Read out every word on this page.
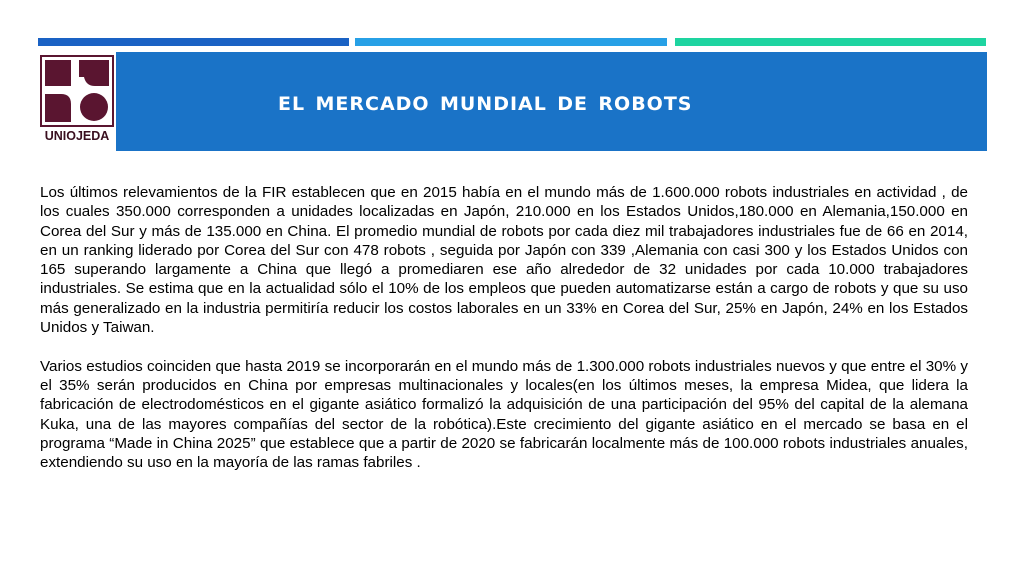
UNIOJEDA
el mercado mundial de robots

Los últimos relevamientos de la FIR establecen que en 2015 había en el mundo más de 1.600.000 robots industriales en actividad , de los cuales 350.000 corresponden a unidades localizadas en Japón, 210.000 en los Estados Unidos,180.000 en Alemania,150.000 en Corea del Sur y más de 135.000 en China. El promedio mundial de robots por cada diez mil trabajadores industriales fue de 66 en 2014, en un ranking liderado por Corea del Sur con 478 robots , seguida por Japón con 339 ,Alemania con casi 300 y los Estados Unidos con 165 superando largamente a China que llegó a promediaren ese año alrededor de 32 unidades por cada 10.000 trabajadores industriales. Se estima que en la actualidad sólo el 10% de los empleos que pueden automatizarse están a cargo de robots y que su uso más generalizado en la industria permitiría reducir los costos laborales en un 33% en Corea del Sur, 25% en Japón, 24% en los Estados Unidos y Taiwan.

Varios estudios coinciden que hasta 2019 se incorporarán en el mundo más de 1.300.000 robots industriales nuevos y que entre el 30% y el 35% serán producidos en China por empresas multinacionales y locales(en los últimos meses, la empresa Midea, que lidera la fabricación de electrodomésticos en el gigante asiático formalizó la adquisición de una participación del 95% del capital de la alemana Kuka, una de las mayores compañías del sector de la robótica).Este crecimiento del gigante asiático en el mercado se basa en el programa “Made in China 2025” que establece que a partir de 2020 se fabricarán localmente más de 100.000 robots industriales anuales, extendiendo su uso en la mayoría de las ramas fabriles .
